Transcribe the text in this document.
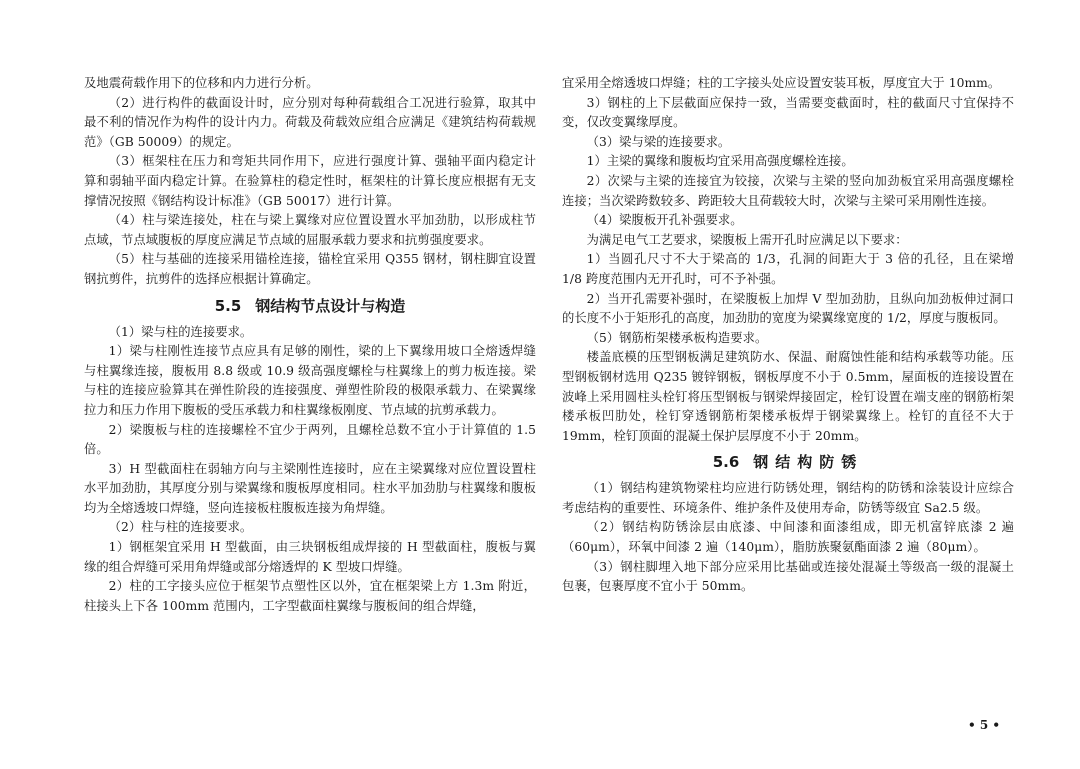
及地震荷载作用下的位移和内力进行分析。

（2）进行构件的截面设计时，应分别对每种荷载组合工况进行验算，取其中最不利的情况作为构件的设计内力。荷载及荷载效应组合应满足《建筑结构荷载规范》（GB 50009）的规定。

（3）框架柱在压力和弯矩共同作用下，应进行强度计算、强轴平面内稳定计算和弱轴平面内稳定计算。在验算柱的稳定性时，框架柱的计算长度应根据有无支撑情况按照《钢结构设计标准》（GB 50017）进行计算。

（4）柱与梁连接处，柱在与梁上翼缘对应位置设置水平加劲肋，以形成柱节点域，节点域腹板的厚度应满足节点域的屈服承载力要求和抗剪强度要求。

（5）柱与基础的连接采用锚栓连接，锚栓宜采用 Q355 钢材，钢柱脚宜设置钢抗剪件，抗剪件的选择应根据计算确定。

5.5 钢结构节点设计与构造

（1）梁与柱的连接要求。

1）梁与柱刚性连接节点应具有足够的刚性，梁的上下翼缘用坡口全熔透焊缝与柱翼缘连接，腹板用 8.8 级或 10.9 级高强度螺栓与柱翼缘上的剪力板连接。梁与柱的连接应验算其在弹性阶段的连接强度、弹塑性阶段的极限承载力、在梁翼缘拉力和压力作用下腹板的受压承载力和柱翼缘板刚度、节点域的抗剪承载力。

2）梁腹板与柱的连接螺栓不宜少于两列，且螺栓总数不宜小于计算值的 1.5 倍。

3）H 型截面柱在弱轴方向与主梁刚性连接时，应在主梁翼缘对应位置设置柱水平加劲肋，其厚度分别与梁翼缘和腹板厚度相同。柱水平加劲肋与柱翼缘和腹板均为全熔透坡口焊缝，竖向连接板柱腹板连接为角焊缝。

（2）柱与柱的连接要求。

1）钢框架宜采用 H 型截面，由三块钢板组成焊接的 H 型截面柱，腹板与翼缘的组合焊缝可采用角焊缝或部分熔透焊的 K 型坡口焊缝。

2）柱的工字接头应位于框架节点塑性区以外，宜在框架梁上方 1.3m 附近，柱接头上下各 100mm 范围内，工字型截面柱翼缘与腹板间的组合焊缝，

宜采用全熔透坡口焊缝；柱的工字接头处应设置安装耳板，厚度宜大于 10mm。

3）钢柱的上下层截面应保持一致，当需要变截面时，柱的截面尺寸宜保持不变，仅改变翼缘厚度。

（3）梁与梁的连接要求。

1）主梁的翼缘和腹板均宜采用高强度螺栓连接。

2）次梁与主梁的连接宜为铰接，次梁与主梁的竖向加劲板宜采用高强度螺栓连接；当次梁跨数较多、跨距较大且荷载较大时，次梁与主梁可采用刚性连接。

（4）梁腹板开孔补强要求。

为满足电气工艺要求，梁腹板上需开孔时应满足以下要求：

1）当圆孔尺寸不大于梁高的 1/3，孔洞的间距大于 3 倍的孔径，且在梁增 1/8 跨度范围内无开孔时，可不予补强。

2）当开孔需要补强时，在梁腹板上加焊 V 型加劲肋，且纵向加劲板伸过洞口的长度不小于矩形孔的高度，加劲肋的宽度为梁翼缘宽度的 1/2，厚度与腹板同。

（5）钢筋桁架楼承板构造要求。

楼盖底模的压型钢板满足建筑防水、保温、耐腐蚀性能和结构承载等功能。压型钢板钢材选用 Q235 镀锌钢板，钢板厚度不小于 0.5mm，屋面板的连接设置在波峰上采用圆柱头栓钉将压型钢板与钢梁焊接固定，栓钉设置在端支座的钢筋桁架楼承板凹肋处，栓钉穿透钢筋桁架楼承板焊于钢梁翼缘上。栓钉的直径不大于 19mm，栓钉顶面的混凝土保护层厚度不小于 20mm。

5.6 钢结构防锈

（1）钢结构建筑物梁柱均应进行防锈处理，钢结构的防锈和涂装设计应综合考虑结构的重要性、环境条件、维护条件及使用寿命，防锈等级宜 Sa2.5 级。

（2）钢结构防锈涂层由底漆、中间漆和面漆组成，即无机富锌底漆 2 遍（60μm），环氧中间漆 2 遍（140μm），脂肪族聚氨酯面漆 2 遍（80μm）。

（3）钢柱脚埋入地下部分应采用比基础或连接处混凝土等级高一级的混凝土包裹，包裹厚度不宜小于 50mm。

• 5 •
